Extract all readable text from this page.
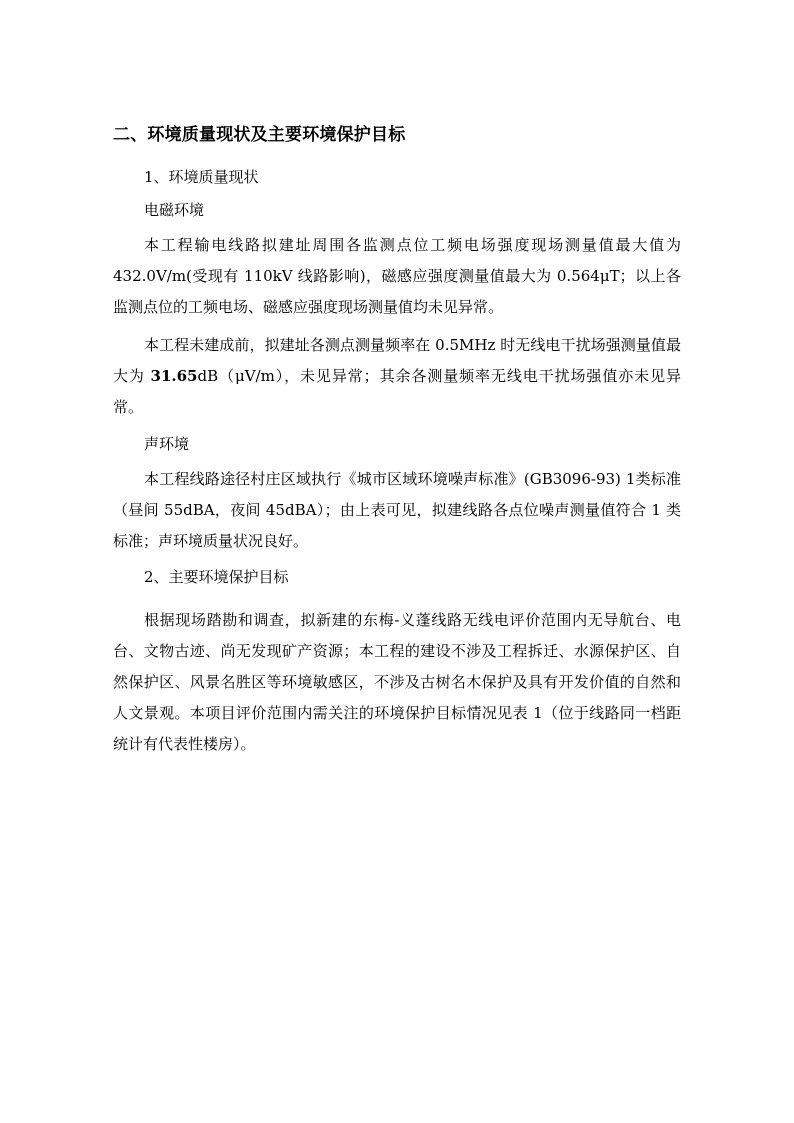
二、环境质量现状及主要环境保护目标

1、环境质量现状

电磁环境

本工程输电线路拟建址周围各监测点位工频电场强度现场测量值最大值为432.0V/m(受现有 110kV 线路影响)，磁感应强度测量值最大为 0.564μT；以上各监测点位的工频电场、磁感应强度现场测量值均未见异常。

本工程未建成前，拟建址各测点测量频率在 0.5MHz 时无线电干扰场强测量值最大为 31.65dB（μV/m），未见异常；其余各测量频率无线电干扰场强值亦未见异常。

声环境

本工程线路途径村庄区域执行《城市区域环境噪声标准》(GB3096-93) 1类标准（昼间 55dBA，夜间 45dBA）；由上表可见，拟建线路各点位噪声测量值符合 1 类标准；声环境质量状况良好。

2、主要环境保护目标

根据现场踏勘和调查，拟新建的东梅-义蓬线路无线电评价范围内无导航台、电台、文物古迹、尚无发现矿产资源；本工程的建设不涉及工程拆迁、水源保护区、自然保护区、风景名胜区等环境敏感区，不涉及古树名木保护及具有开发价值的自然和人文景观。本项目评价范围内需关注的环境保护目标情况见表 1（位于线路同一档距统计有代表性楼房）。
